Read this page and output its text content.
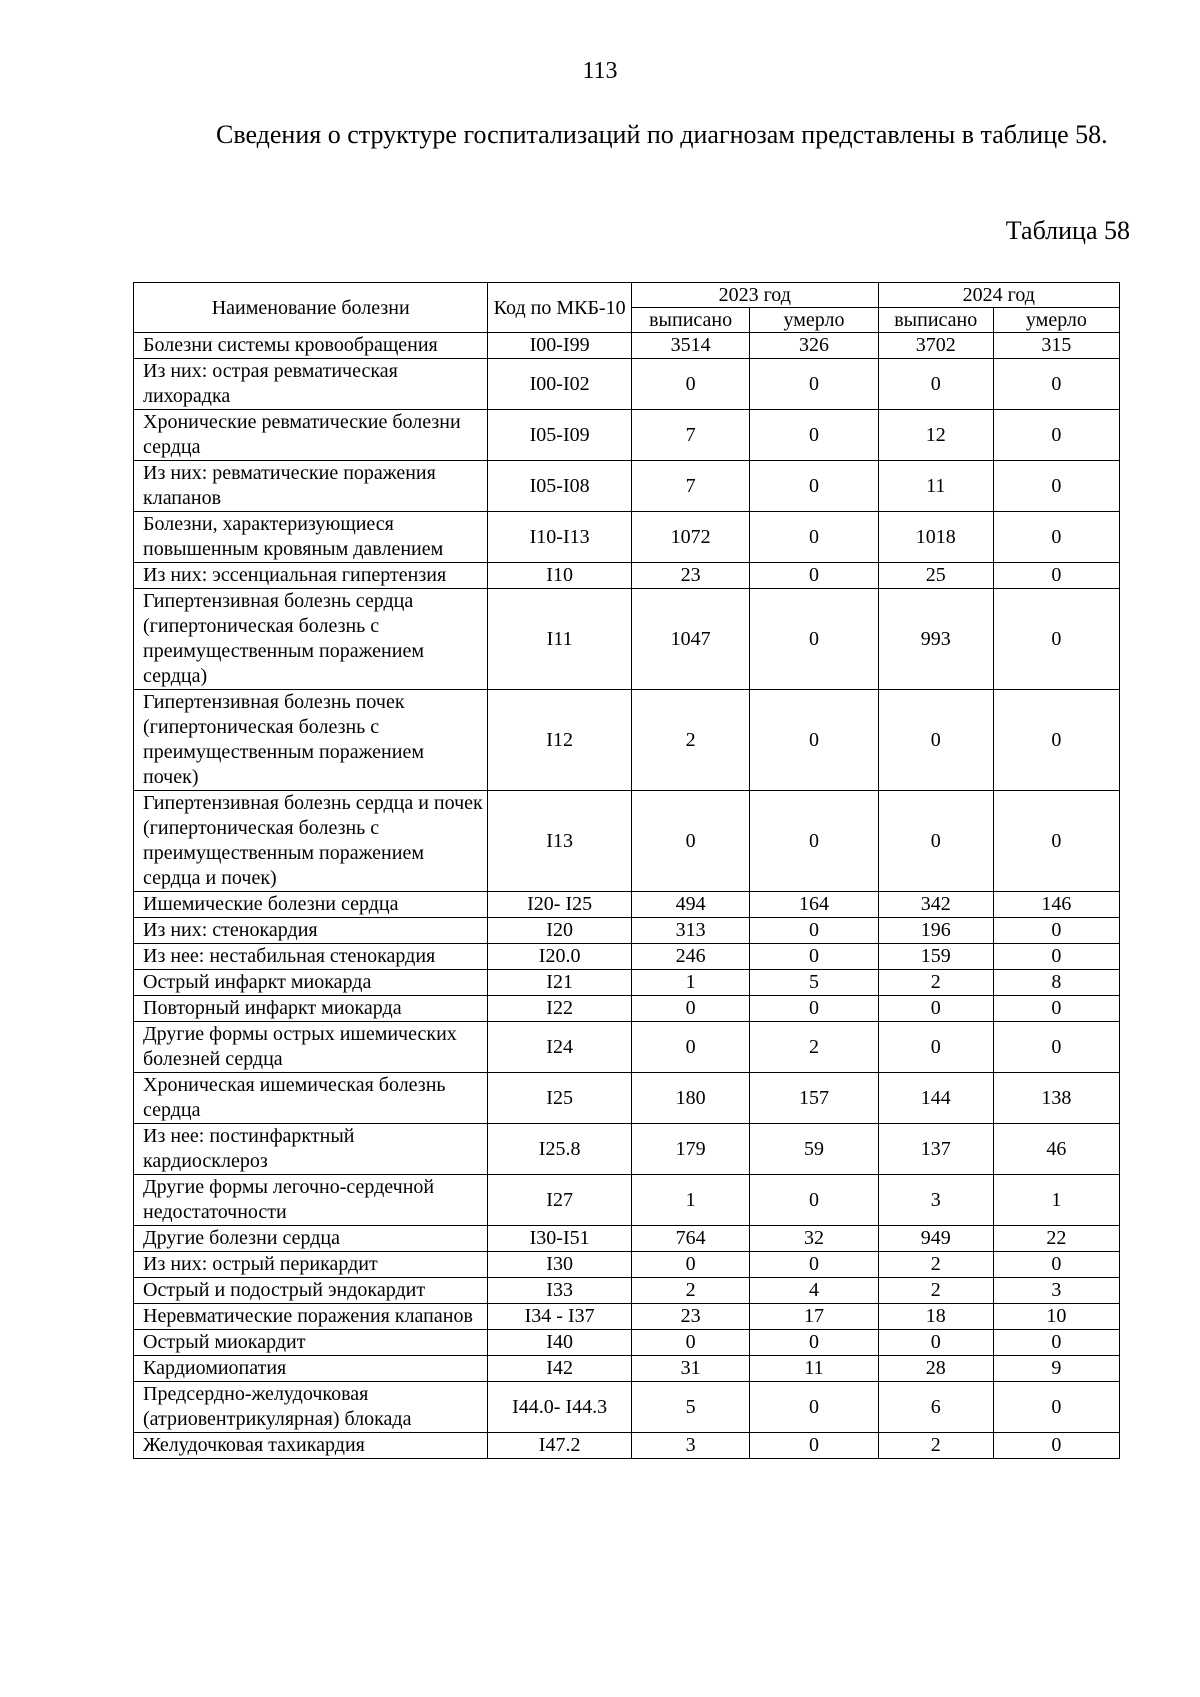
113

Сведения о структуре госпитализаций по диагнозам представлены в таблице 58.

Таблица 58

Наименование болезни	Код по МКБ-10	2023 год		2024 год	
		выписано	умерло	выписано	умерло
Болезни системы кровообращения	I00-I99	3514	326	3702	315
Из них: острая ревматическая лихорадка	I00-I02	0	0	0	0
Хронические ревматические болезни сердца	I05-I09	7	0	12	0
Из них: ревматические поражения клапанов	I05-I08	7	0	11	0
Болезни, характеризующиеся повышенным кровяным давлением	I10-I13	1072	0	1018	0
Из них: эссенциальная гипертензия	I10	23	0	25	0
Гипертензивная болезнь сердца (гипертоническая болезнь с преимущественным поражением сердца)	I11	1047	0	993	0
Гипертензивная болезнь почек (гипертоническая болезнь с преимущественным поражением почек)	I12	2	0	0	0
Гипертензивная болезнь сердца и почек (гипертоническая болезнь с преимущественным поражением сердца и почек)	I13	0	0	0	0
Ишемические болезни сердца	I20- I25	494	164	342	146
Из них: стенокардия	I20	313	0	196	0
Из нее: нестабильная стенокардия	I20.0	246	0	159	0
Острый инфаркт миокарда	I21	1	5	2	8
Повторный инфаркт миокарда	I22	0	0	0	0
Другие формы острых ишемических болезней сердца	I24	0	2	0	0
Хроническая ишемическая болезнь сердца	I25	180	157	144	138
Из нее: постинфарктный кардиосклероз	I25.8	179	59	137	46
Другие формы легочно-сердечной недостаточности	I27	1	0	3	1
Другие болезни сердца	I30-I51	764	32	949	22
Из них: острый перикардит	I30	0	0	2	0
Острый и подострый эндокардит	I33	2	4	2	3
Неревматические поражения клапанов	I34 - I37	23	17	18	10
Острый миокардит	I40	0	0	0	0
Кардиомиопатия	I42	31	11	28	9
Предсердно-желудочковая (атриовентрикулярная) блокада	I44.0- I44.3	5	0	6	0
Желудочковая тахикардия	I47.2	3	0	2	0
